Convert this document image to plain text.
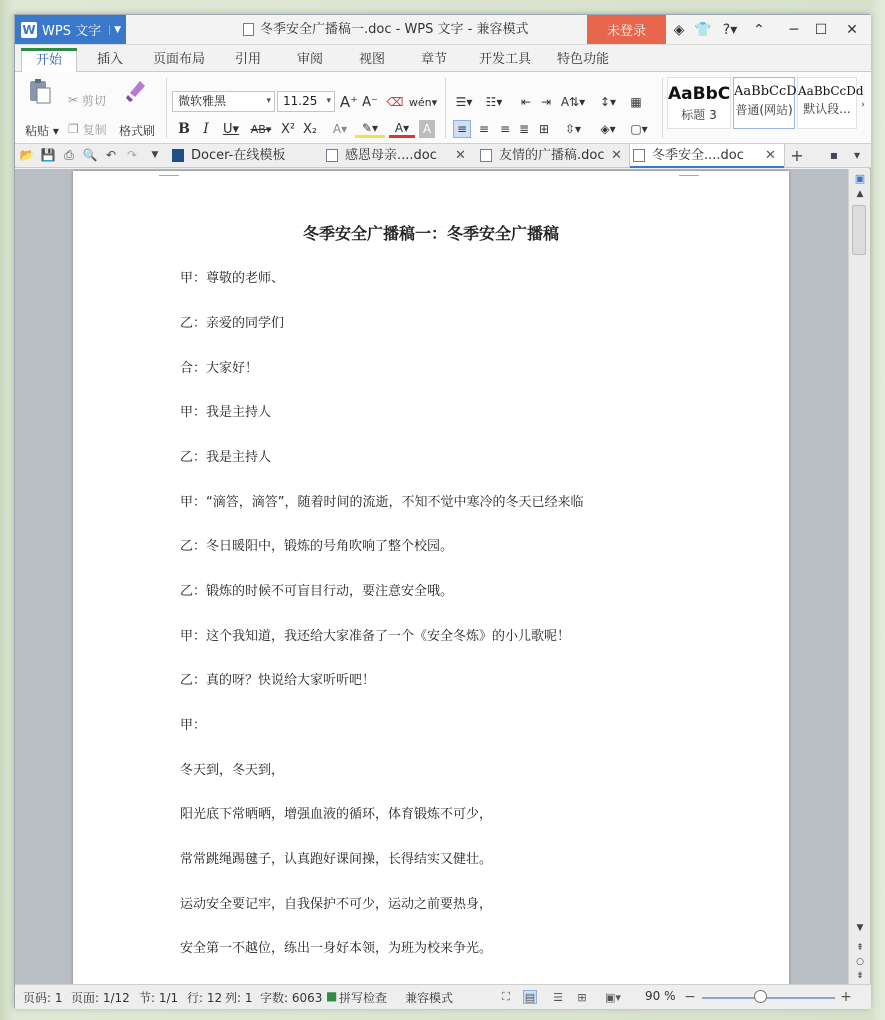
W WPS 文字	▼	冬季安全广播稿一.doc - WPS 文字 - 兼容模式	未登录	◈ 👕 ?▾	⌃	─	☐	✕
开始	插入	页面布局	引用	审阅	视图	章节	开发工具	特色功能
粘贴 ▾
✂
剪切
❐
复制 格式刷
微软雅黑 ▾	11.25 ▾	A⁺ A⁻ ⌫ wén▾
B I	U▾	AB▾ X² X₂	A▾	✎▾	A▾	A
☰▾	☷▾	⇤ ⇥ A⇅▾ ↕▾ ▦
≡ ≡ ≡ ≣ ⊞	⇳▾	◈▾	▢▾
AaBbC
标题 3
AaBbCcD
普通(网站)
AaBbCcDd
默认段...	›
📂 💾 ⎙ 🔍 ↶ ↷	▼	Docer-在线模板	感恩母亲....doc ✕	友情的广播稿.doc ✕	冬季安全....doc ✕ +	▪	▾
冬季安全广播稿一：冬季安全广播稿
甲：尊敬的老师、
乙：亲爱的同学们
合：大家好！
甲：我是主持人
乙：我是主持人
甲：“滴答，滴答”，随着时间的流逝，不知不觉中寒冷的冬天已经来临
乙：冬日暖阳中，锻炼的号角吹响了整个校园。
乙：锻炼的时候不可盲目行动，要注意安全哦。
甲：这个我知道，我还给大家准备了一个《安全冬炼》的小儿歌呢！
乙：真的呀？快说给大家听听吧！
甲：
冬天到，冬天到，
阳光底下常晒晒，增强血液的循环，体育锻炼不可少，
常常跳绳踢毽子，认真跑好课间操，长得结实又健壮。
运动安全要记牢，自我保护不可少，运动之前要热身，
安全第一不越位，练出一身好本领，为班为校来争光。
▣
▲
▼
⇞
○
⇟
页码: 1 页面: 1/12 节: 1/1 行: 12 列: 1 字数: 6063 ■ 拼写检查 兼容模式	⛶ ▤ ☰ ⊞	▣▾	90 % −	+
